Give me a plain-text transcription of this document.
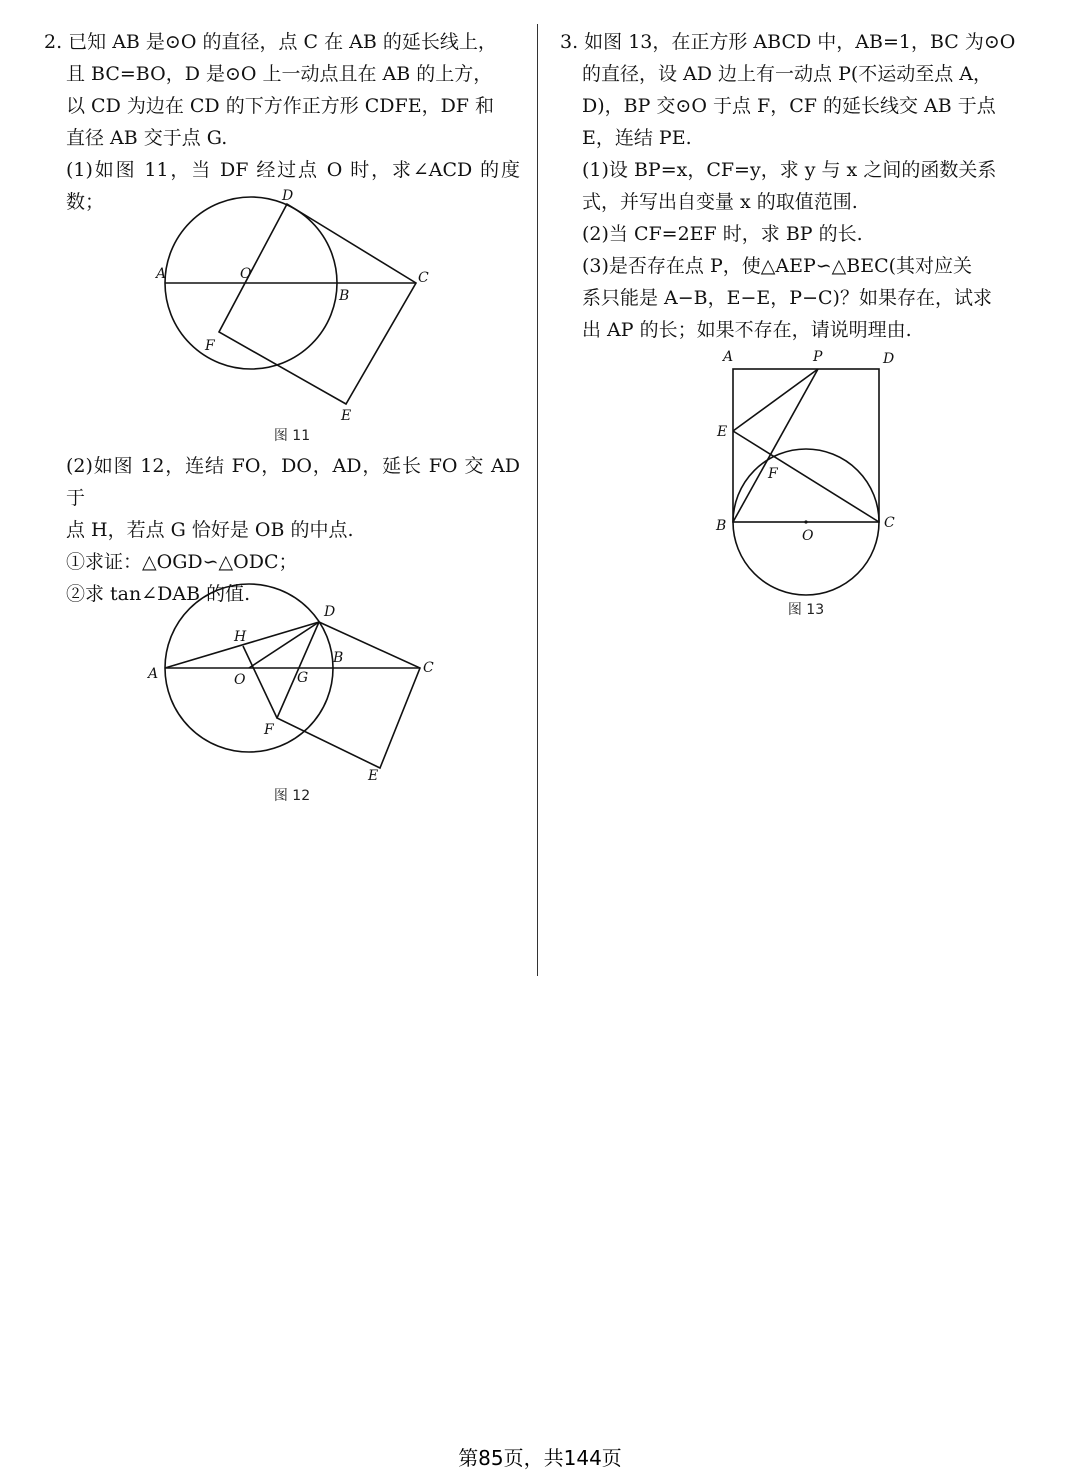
2. 已知 AB 是⊙O 的直径，点 C 在 AB 的延长线上，

且 BC=BO，D 是⊙O 上一动点且在 AB 的上方，

以 CD 为边在 CD 的下方作正方形 CDFE，DF 和

直径 AB 交于点 G.

(1)如图 11，当 DF 经过点 O 时，求∠ACD 的度数；

(2)如图 12，连结 FO，DO，AD，延长 FO 交 AD 于

点 H，若点 G 恰好是 OB 的中点.

①求证：△OGD∽△ODC；

②求 tan∠DAB 的值.

D
A	O
B
C
F
E
图 11
D
H
A	O	G
B
C
F
E
图 12

3. 如图 13，在正方形 ABCD 中，AB=1，BC 为⊙O

的直径，设 AD 边上有一动点 P(不运动至点 A，

D)，BP 交⊙O 于点 F，CF 的延长线交 AB 于点

E，连结 PE.

(1)设 BP=x，CF=y，求 y 与 x 之间的函数关系

式，并写出自变量 x 的取值范围.

(2)当 CF=2EF 时，求 BP 的长.

(3)是否存在点 P，使△AEP∽△BEC(其对应关

系只能是 A−B，E−E，P−C)？如果存在，试求

出 AP 的长；如果不存在，请说明理由.

A	P	D
E
F
B
O
C
图 13
第85页，共144页
